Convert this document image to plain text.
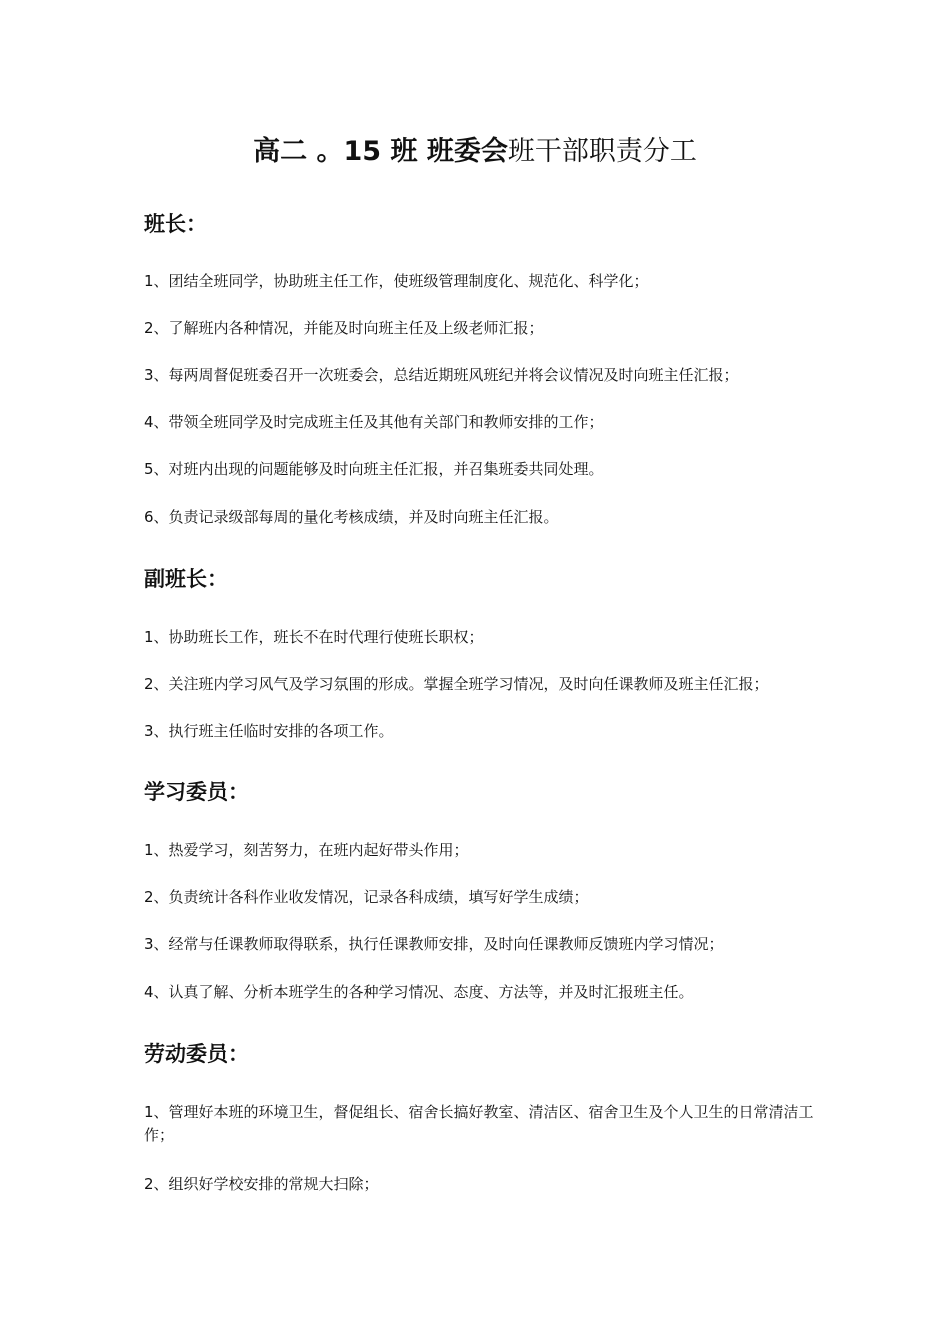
高二 。15 班 班委会班干部职责分工
班长：
1、团结全班同学，协助班主任工作，使班级管理制度化、规范化、科学化；
2、了解班内各种情况，并能及时向班主任及上级老师汇报；
3、每两周督促班委召开一次班委会，总结近期班风班纪并将会议情况及时向班主任汇报；
4、带领全班同学及时完成班主任及其他有关部门和教师安排的工作；
5、对班内出现的问题能够及时向班主任汇报，并召集班委共同处理。
6、负责记录级部每周的量化考核成绩，并及时向班主任汇报。
副班长：
1、协助班长工作，班长不在时代理行使班长职权；
2、关注班内学习风气及学习氛围的形成。掌握全班学习情况，及时向任课教师及班主任汇报；
3、执行班主任临时安排的各项工作。
学习委员：
1、热爱学习，刻苦努力，在班内起好带头作用；
2、负责统计各科作业收发情况，记录各科成绩，填写好学生成绩；
3、经常与任课教师取得联系，执行任课教师安排，及时向任课教师反馈班内学习情况；
4、认真了解、分析本班学生的各种学习情况、态度、方法等，并及时汇报班主任。
劳动委员：
1、管理好本班的环境卫生，督促组长、宿舍长搞好教室、清洁区、宿舍卫生及个人卫生的日常清洁工作；
2、组织好学校安排的常规大扫除；
